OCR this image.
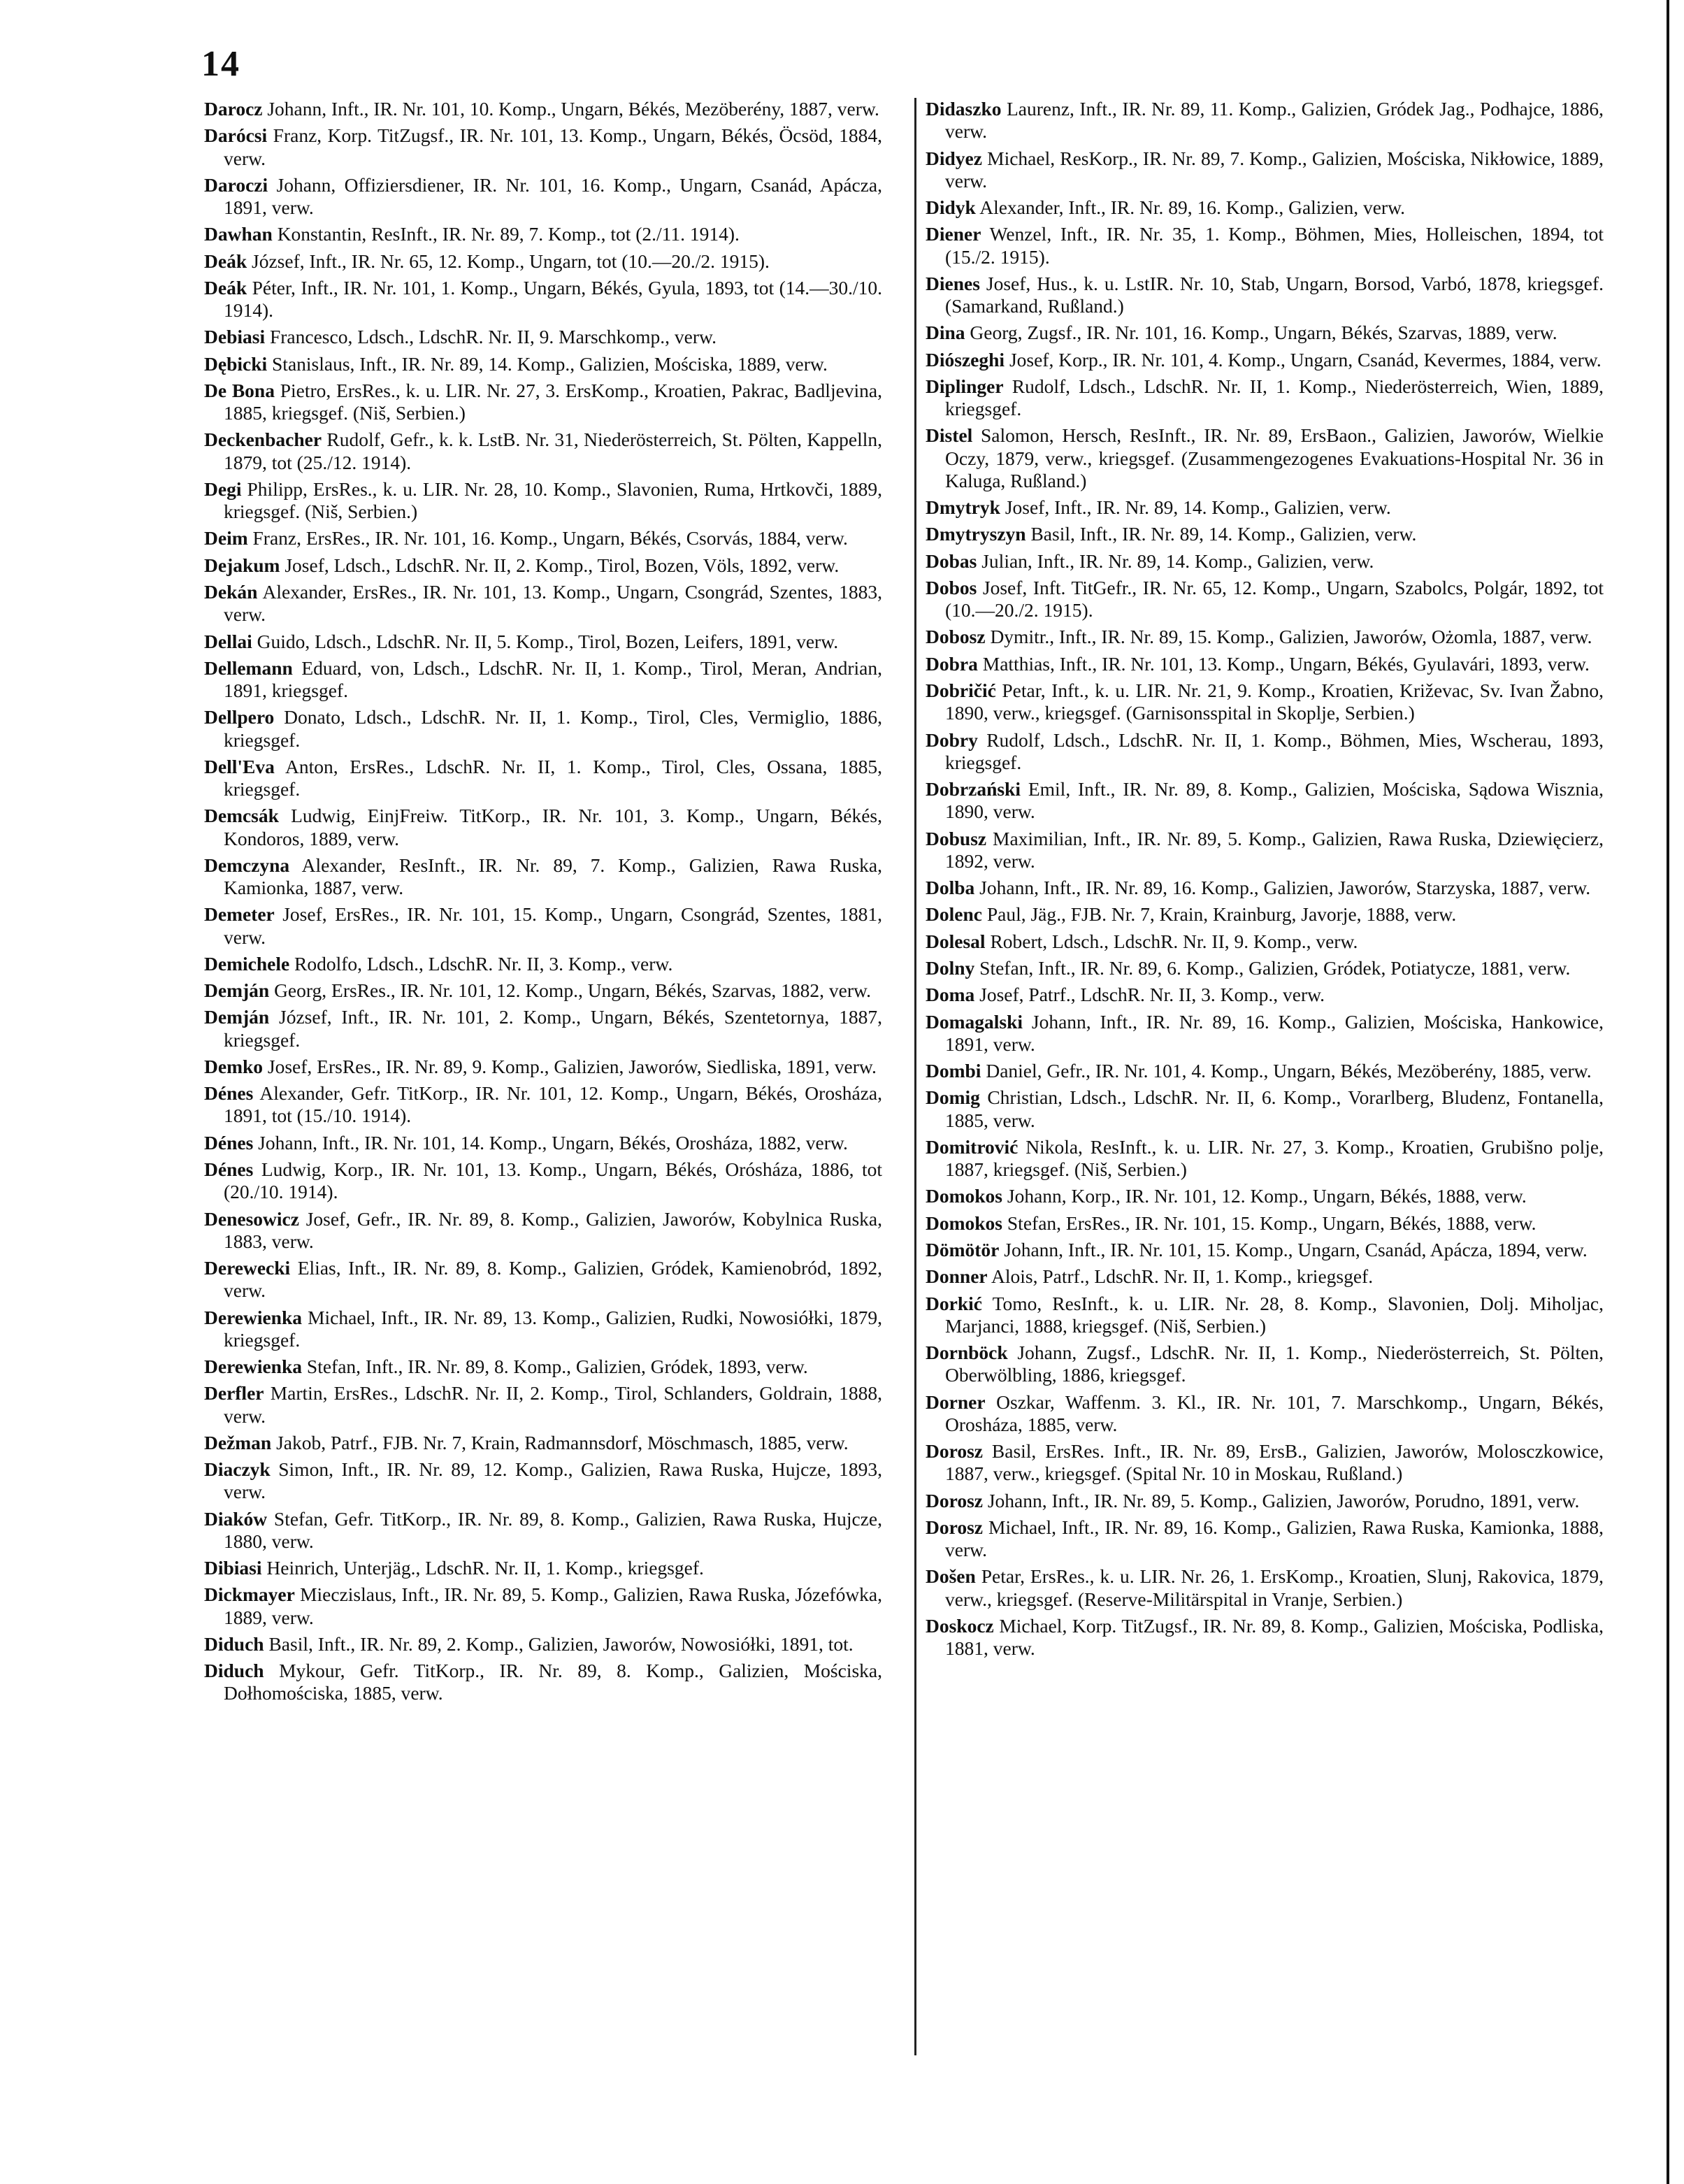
14
Darocz Johann, Inft., IR. Nr. 101, 10. Komp., Ungarn, Békés, Mezöberény, 1887, verw.
Darócsi Franz, Korp. TitZugsf., IR. Nr. 101, 13. Komp., Ungarn, Békés, Öcsöd, 1884, verw.
Daroczi Johann, Offiziersdiener, IR. Nr. 101, 16. Komp., Ungarn, Csanád, Apácza, 1891, verw.
Dawhan Konstantin, ResInft., IR. Nr. 89, 7. Komp., tot (2./11. 1914).
Deák József, Inft., IR. Nr. 65, 12. Komp., Ungarn, tot (10.—20./2. 1915).
Deák Péter, Inft., IR. Nr. 101, 1. Komp., Ungarn, Békés, Gyula, 1893, tot (14.—30./10. 1914).
Debiasi Francesco, Ldsch., LdschR. Nr. II, 9. Marschkomp., verw.
Dębicki Stanislaus, Inft., IR. Nr. 89, 14. Komp., Galizien, Mościska, 1889, verw.
De Bona Pietro, ErsRes., k. u. LIR. Nr. 27, 3. ErsKomp., Kroatien, Pakrac, Badljevina, 1885, kriegsgef. (Niš, Serbien.)
Deckenbacher Rudolf, Gefr., k. k. LstB. Nr. 31, Niederösterreich, St. Pölten, Kappelln, 1879, tot (25./12. 1914).
Degi Philipp, ErsRes., k. u. LIR. Nr. 28, 10. Komp., Slavonien, Ruma, Hrtkovči, 1889, kriegsgef. (Niš, Serbien.)
Deim Franz, ErsRes., IR. Nr. 101, 16. Komp., Ungarn, Békés, Csorvás, 1884, verw.
Dejakum Josef, Ldsch., LdschR. Nr. II, 2. Komp., Tirol, Bozen, Völs, 1892, verw.
Dekán Alexander, ErsRes., IR. Nr. 101, 13. Komp., Ungarn, Csongrád, Szentes, 1883, verw.
Dellai Guido, Ldsch., LdschR. Nr. II, 5. Komp., Tirol, Bozen, Leifers, 1891, verw.
Dellemann Eduard, von, Ldsch., LdschR. Nr. II, 1. Komp., Tirol, Meran, Andrian, 1891, kriegsgef.
Dellpero Donato, Ldsch., LdschR. Nr. II, 1. Komp., Tirol, Cles, Vermiglio, 1886, kriegsgef.
Dell'Eva Anton, ErsRes., LdschR. Nr. II, 1. Komp., Tirol, Cles, Ossana, 1885, kriegsgef.
Demcsák Ludwig, EinjFreiw. TitKorp., IR. Nr. 101, 3. Komp., Ungarn, Békés, Kondoros, 1889, verw.
Demczyna Alexander, ResInft., IR. Nr. 89, 7. Komp., Galizien, Rawa Ruska, Kamionka, 1887, verw.
Demeter Josef, ErsRes., IR. Nr. 101, 15. Komp., Ungarn, Csongrád, Szentes, 1881, verw.
Demichele Rodolfo, Ldsch., LdschR. Nr. II, 3. Komp., verw.
Demján Georg, ErsRes., IR. Nr. 101, 12. Komp., Ungarn, Békés, Szarvas, 1882, verw.
Demján József, Inft., IR. Nr. 101, 2. Komp., Ungarn, Békés, Szentetornya, 1887, kriegsgef.
Demko Josef, ErsRes., IR. Nr. 89, 9. Komp., Galizien, Jaworów, Siedliska, 1891, verw.
Dénes Alexander, Gefr. TitKorp., IR. Nr. 101, 12. Komp., Ungarn, Békés, Orosháza, 1891, tot (15./10. 1914).
Dénes Johann, Inft., IR. Nr. 101, 14. Komp., Ungarn, Békés, Orosháza, 1882, verw.
Dénes Ludwig, Korp., IR. Nr. 101, 13. Komp., Ungarn, Békés, Orósháza, 1886, tot (20./10. 1914).
Denesowicz Josef, Gefr., IR. Nr. 89, 8. Komp., Galizien, Jaworów, Kobylnica Ruska, 1883, verw.
Derewecki Elias, Inft., IR. Nr. 89, 8. Komp., Galizien, Gródek, Kamienobród, 1892, verw.
Derewienka Michael, Inft., IR. Nr. 89, 13. Komp., Galizien, Rudki, Nowosiółki, 1879, kriegsgef.
Derewienka Stefan, Inft., IR. Nr. 89, 8. Komp., Galizien, Gródek, 1893, verw.
Derfler Martin, ErsRes., LdschR. Nr. II, 2. Komp., Tirol, Schlanders, Goldrain, 1888, verw.
Dežman Jakob, Patrf., FJB. Nr. 7, Krain, Radmannsdorf, Möschmasch, 1885, verw.
Diaczyk Simon, Inft., IR. Nr. 89, 12. Komp., Galizien, Rawa Ruska, Hujcze, 1893, verw.
Diaków Stefan, Gefr. TitKorp., IR. Nr. 89, 8. Komp., Galizien, Rawa Ruska, Hujcze, 1880, verw.
Dibiasi Heinrich, Unterjäg., LdschR. Nr. II, 1. Komp., kriegsgef.
Dickmayer Mieczislaus, Inft., IR. Nr. 89, 5. Komp., Galizien, Rawa Ruska, Józefówka, 1889, verw.
Diduch Basil, Inft., IR. Nr. 89, 2. Komp., Galizien, Jaworów, Nowosiółki, 1891, tot.
Diduch Mykour, Gefr. TitKorp., IR. Nr. 89, 8. Komp., Galizien, Mościska, Dołhomościska, 1885, verw.
Didaszko Laurenz, Inft., IR. Nr. 89, 11. Komp., Galizien, Gródek Jag., Podhajce, 1886, verw.
Didyez Michael, ResKorp., IR. Nr. 89, 7. Komp., Galizien, Mościska, Nikłowice, 1889, verw.
Didyk Alexander, Inft., IR. Nr. 89, 16. Komp., Galizien, verw.
Diener Wenzel, Inft., IR. Nr. 35, 1. Komp., Böhmen, Mies, Holleischen, 1894, tot (15./2. 1915).
Dienes Josef, Hus., k. u. LstIR. Nr. 10, Stab, Ungarn, Borsod, Varbó, 1878, kriegsgef. (Samarkand, Rußland.)
Dina Georg, Zugsf., IR. Nr. 101, 16. Komp., Ungarn, Békés, Szarvas, 1889, verw.
Diószeghi Josef, Korp., IR. Nr. 101, 4. Komp., Ungarn, Csanád, Kevermes, 1884, verw.
Diplinger Rudolf, Ldsch., LdschR. Nr. II, 1. Komp., Niederösterreich, Wien, 1889, kriegsgef.
Distel Salomon, Hersch, ResInft., IR. Nr. 89, ErsBaon., Galizien, Jaworów, Wielkie Oczy, 1879, verw., kriegsgef. (Zusammengezogenes Evakuations-Hospital Nr. 36 in Kaluga, Rußland.)
Dmytryk Josef, Inft., IR. Nr. 89, 14. Komp., Galizien, verw.
Dmytryszyn Basil, Inft., IR. Nr. 89, 14. Komp., Galizien, verw.
Dobas Julian, Inft., IR. Nr. 89, 14. Komp., Galizien, verw.
Dobos Josef, Inft. TitGefr., IR. Nr. 65, 12. Komp., Ungarn, Szabolcs, Polgár, 1892, tot (10.—20./2. 1915).
Dobosz Dymitr., Inft., IR. Nr. 89, 15. Komp., Galizien, Jaworów, Ożomla, 1887, verw.
Dobra Matthias, Inft., IR. Nr. 101, 13. Komp., Ungarn, Békés, Gyulavári, 1893, verw.
Dobričić Petar, Inft., k. u. LIR. Nr. 21, 9. Komp., Kroatien, Križevac, Sv. Ivan Žabno, 1890, verw., kriegsgef. (Garnisonsspital in Skoplje, Serbien.)
Dobry Rudolf, Ldsch., LdschR. Nr. II, 1. Komp., Böhmen, Mies, Wscherau, 1893, kriegsgef.
Dobrzański Emil, Inft., IR. Nr. 89, 8. Komp., Galizien, Mościska, Sądowa Wisznia, 1890, verw.
Dobusz Maximilian, Inft., IR. Nr. 89, 5. Komp., Galizien, Rawa Ruska, Dziewięcierz, 1892, verw.
Dolba Johann, Inft., IR. Nr. 89, 16. Komp., Galizien, Jaworów, Starzyska, 1887, verw.
Dolenc Paul, Jäg., FJB. Nr. 7, Krain, Krainburg, Javorje, 1888, verw.
Dolesal Robert, Ldsch., LdschR. Nr. II, 9. Komp., verw.
Dolny Stefan, Inft., IR. Nr. 89, 6. Komp., Galizien, Gródek, Potiatycze, 1881, verw.
Doma Josef, Patrf., LdschR. Nr. II, 3. Komp., verw.
Domagalski Johann, Inft., IR. Nr. 89, 16. Komp., Galizien, Mościska, Hankowice, 1891, verw.
Dombi Daniel, Gefr., IR. Nr. 101, 4. Komp., Ungarn, Békés, Mezöberény, 1885, verw.
Domig Christian, Ldsch., LdschR. Nr. II, 6. Komp., Vorarlberg, Bludenz, Fontanella, 1885, verw.
Domitrović Nikola, ResInft., k. u. LIR. Nr. 27, 3. Komp., Kroatien, Grubišno polje, 1887, kriegsgef. (Niš, Serbien.)
Domokos Johann, Korp., IR. Nr. 101, 12. Komp., Ungarn, Békés, 1888, verw.
Domokos Stefan, ErsRes., IR. Nr. 101, 15. Komp., Ungarn, Békés, 1888, verw.
Dömötör Johann, Inft., IR. Nr. 101, 15. Komp., Ungarn, Csanád, Apácza, 1894, verw.
Donner Alois, Patrf., LdschR. Nr. II, 1. Komp., kriegsgef.
Dorkić Tomo, ResInft., k. u. LIR. Nr. 28, 8. Komp., Slavonien, Dolj. Miholjac, Marjanci, 1888, kriegsgef. (Niš, Serbien.)
Dornböck Johann, Zugsf., LdschR. Nr. II, 1. Komp., Niederösterreich, St. Pölten, Oberwölbling, 1886, kriegsgef.
Dorner Oszkar, Waffenm. 3. Kl., IR. Nr. 101, 7. Marschkomp., Ungarn, Békés, Orosháza, 1885, verw.
Dorosz Basil, ErsRes. Inft., IR. Nr. 89, ErsB., Galizien, Jaworów, Molosczkowice, 1887, verw., kriegsgef. (Spital Nr. 10 in Moskau, Rußland.)
Dorosz Johann, Inft., IR. Nr. 89, 5. Komp., Galizien, Jaworów, Porudno, 1891, verw.
Dorosz Michael, Inft., IR. Nr. 89, 16. Komp., Galizien, Rawa Ruska, Kamionka, 1888, verw.
Došen Petar, ErsRes., k. u. LIR. Nr. 26, 1. ErsKomp., Kroatien, Slunj, Rakovica, 1879, verw., kriegsgef. (Reserve-Militärspital in Vranje, Serbien.)
Doskocz Michael, Korp. TitZugsf., IR. Nr. 89, 8. Komp., Galizien, Mościska, Podliska, 1881, verw.
